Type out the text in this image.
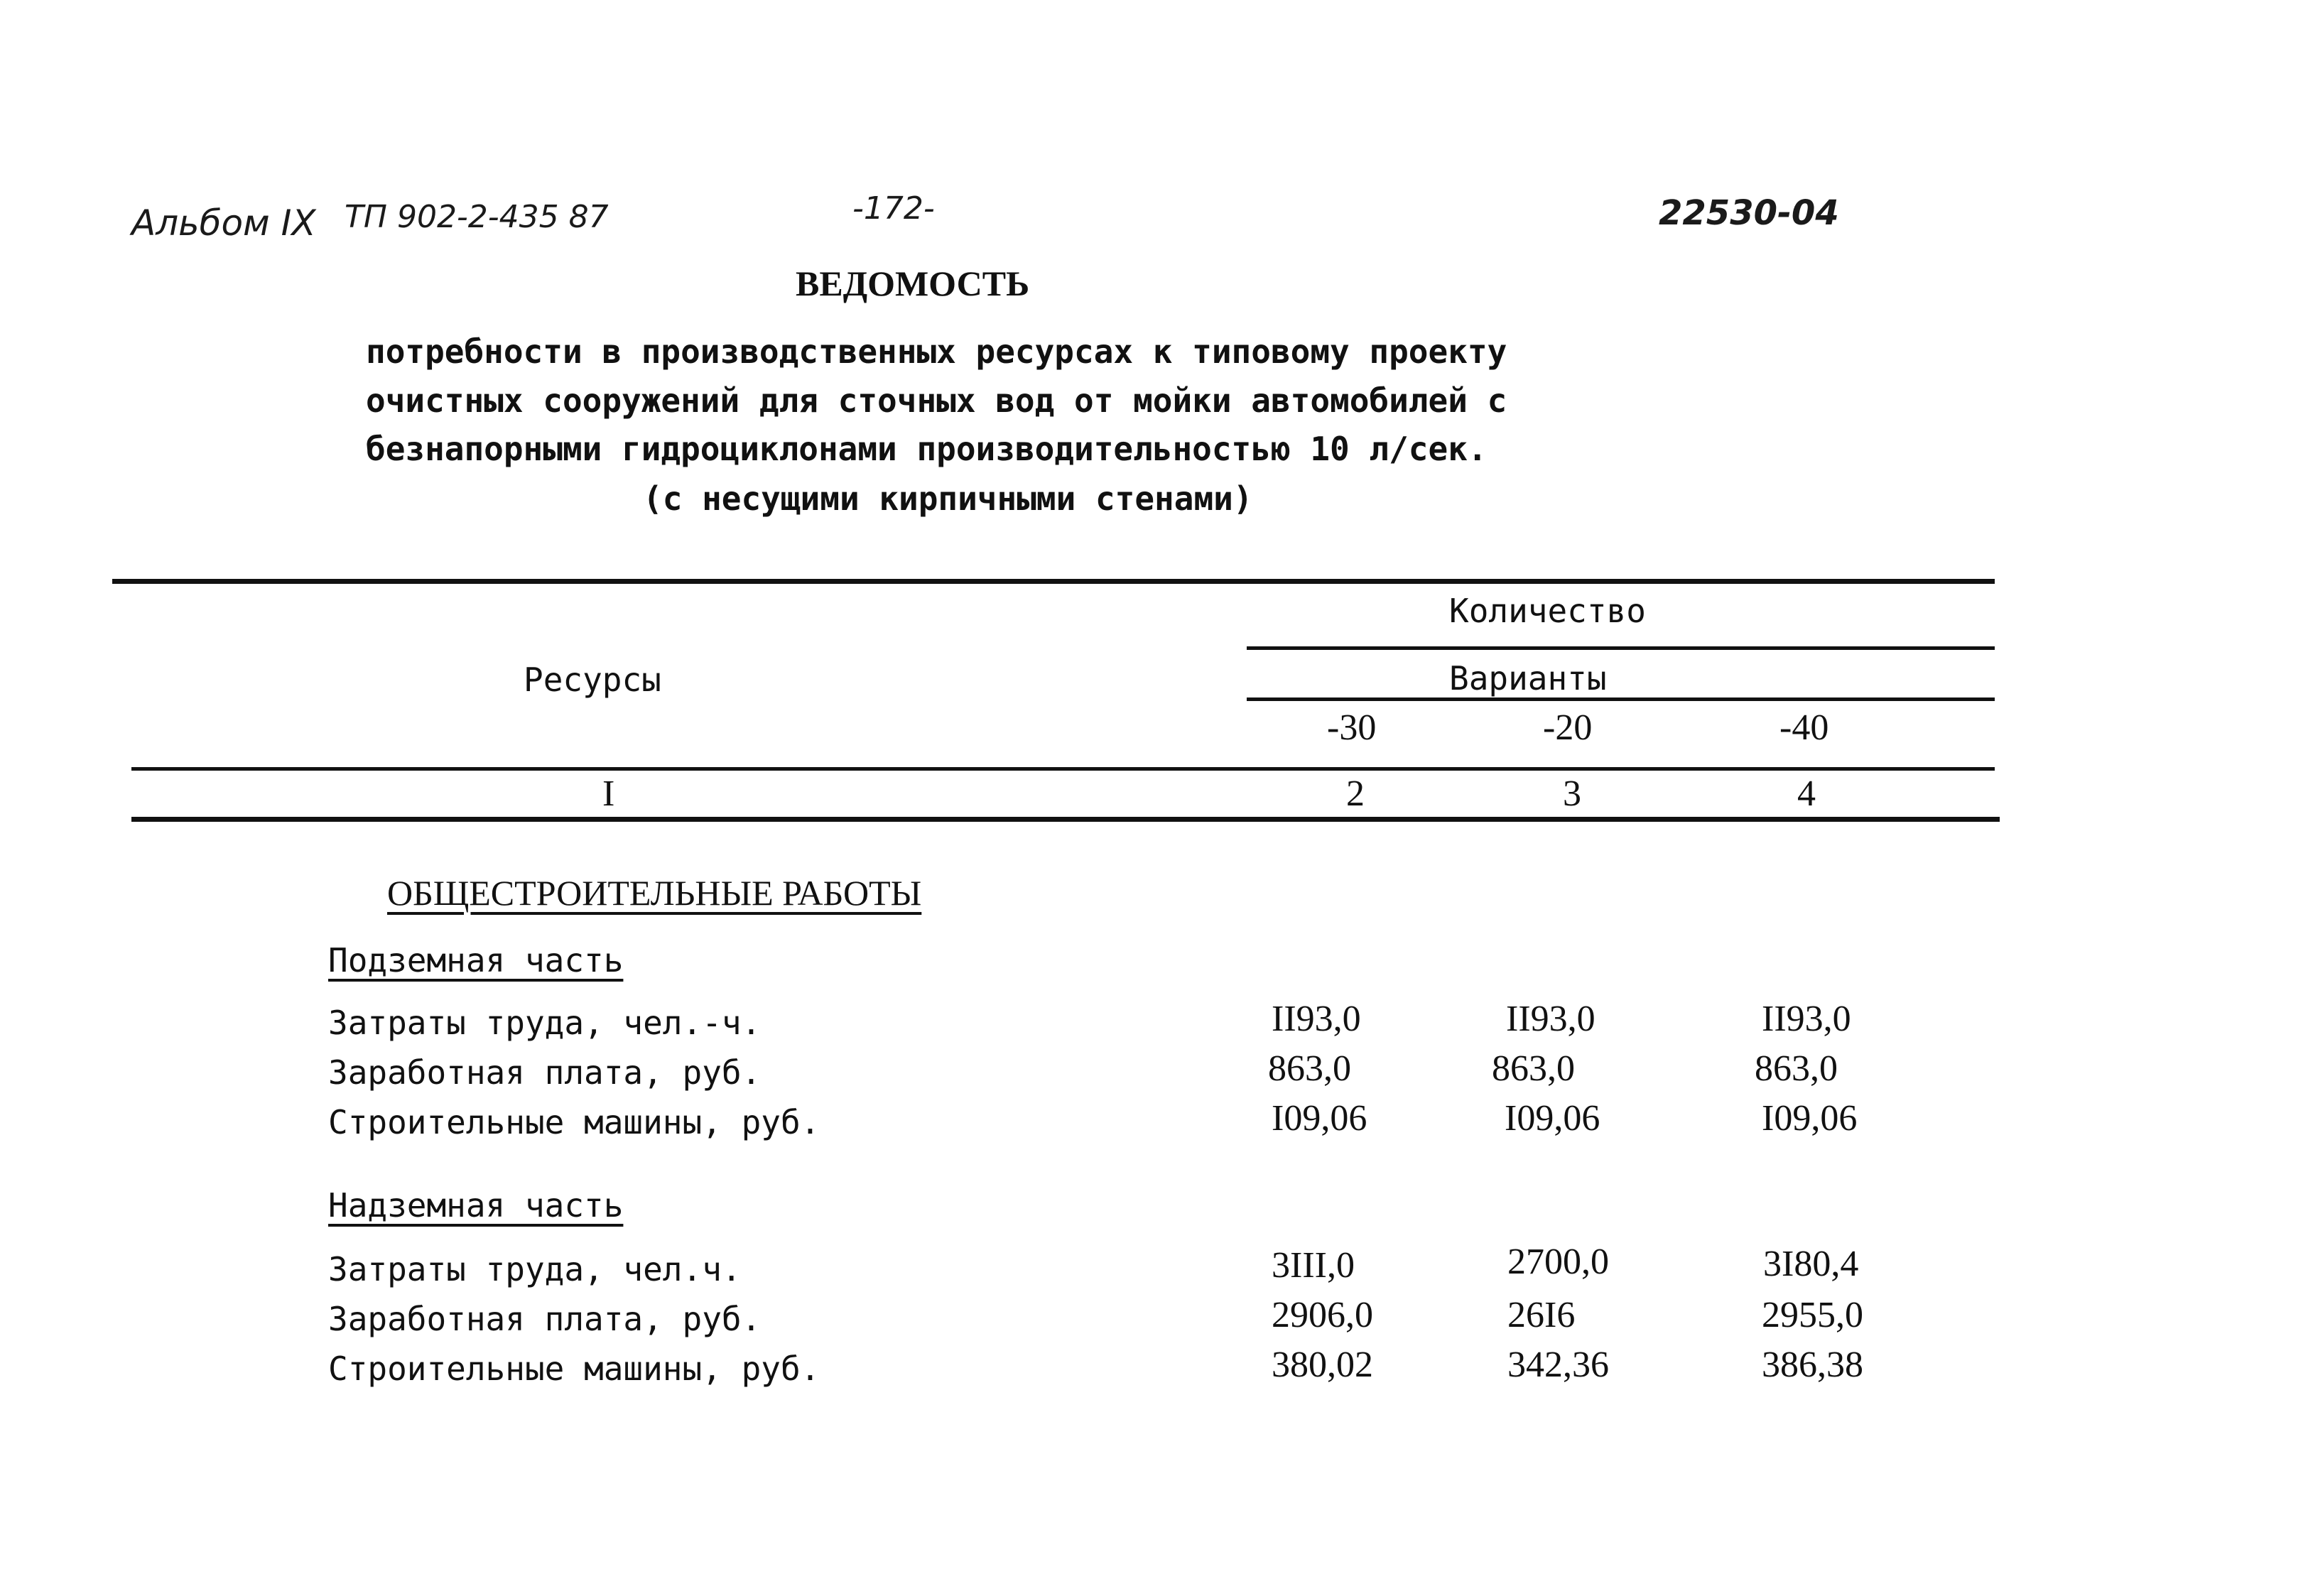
Альбом IX ТП 902-2-435 87	-172-	22530-04
ВЕДОМОСТЬ
потребности в производственных ресурсах к типовому проекту
очистных сооружений для сточных вод от мойки автомобилей с
безнапорными гидроциклонами производительностью 10 л/сек.
(с несущими кирпичными стенами)
Ресурсы
Количество
Варианты
-30	-20	-40
I	2	3	4
ОБЩЕСТРОИТЕЛЬНЫЕ РАБОТЫ
Подземная часть
Затраты труда, чел.-ч.	II93,0	II93,0	II93,0
Заработная плата, руб.	863,0	863,0	863,0
Строительные машины, руб.	I09,06	I09,06	I09,06
Надземная часть
Затраты труда, чел.ч.	3III,0	2700,0	3I80,4
Заработная плата, руб.	2906,0	26I6	2955,0
Строительные машины, руб.	380,02	342,36	386,38
